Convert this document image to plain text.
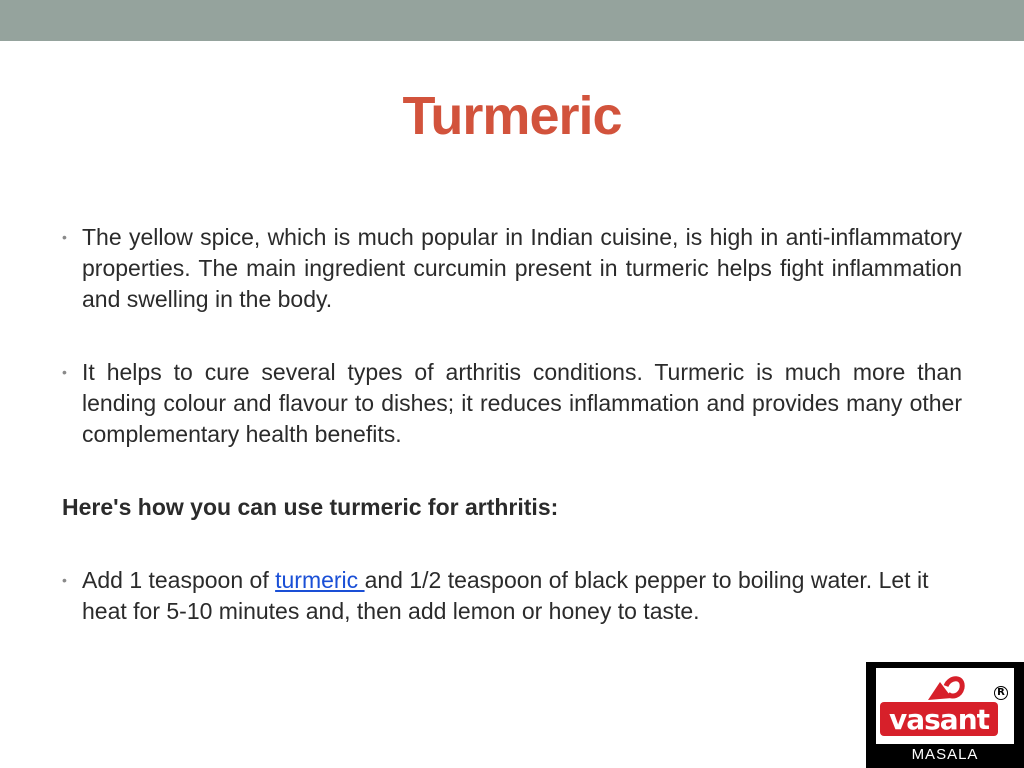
Turmeric
• The yellow spice, which is much popular in Indian cuisine, is high in anti-inflammatory properties. The main ingredient curcumin present in turmeric helps fight inflammation and swelling in the body.
• It helps to cure several types of arthritis conditions. Turmeric is much more than lending colour and flavour to dishes; it reduces inflammation and provides many other complementary health benefits.
Here's how you can use turmeric for arthritis:
• Add 1 teaspoon of turmeric and 1/2 teaspoon of black pepper to boiling water. Let it heat for 5-10 minutes and, then add lemon or honey to taste.
vasant
R
MASALA
